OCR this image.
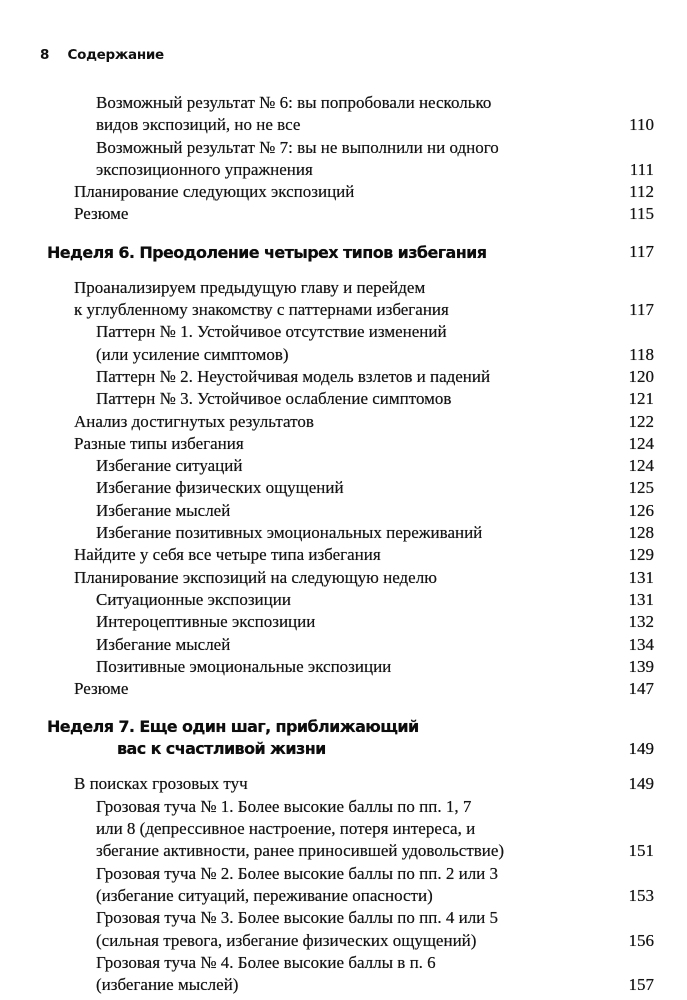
8 Содержание
Возможный результат № 6: вы попробовали несколько
видов экспозиций, но не все	110
Возможный результат № 7: вы не выполнили ни одного
экспозиционного упражнения	111
Планирование следующих экспозиций	112
Резюме	115
Неделя 6. Преодоление четырех типов избегания	117
Проанализируем предыдущую главу и перейдем
к углубленному знакомству с паттернами избегания	117
Паттерн № 1. Устойчивое отсутствие изменений
(или усиление симптомов)	118
Паттерн № 2. Неустойчивая модель взлетов и падений	120
Паттерн № 3. Устойчивое ослабление симптомов	121
Анализ достигнутых результатов	122
Разные типы избегания	124
Избегание ситуаций	124
Избегание физических ощущений	125
Избегание мыслей	126
Избегание позитивных эмоциональных переживаний	128
Найдите у себя все четыре типа избегания	129
Планирование экспозиций на следующую неделю	131
Ситуационные экспозиции	131
Интероцептивные экспозиции	132
Избегание мыслей	134
Позитивные эмоциональные экспозиции	139
Резюме	147
Неделя 7. Еще один шаг, приближающий
вас к счастливой жизни	149
В поисках грозовых туч	149
Грозовая туча № 1. Более высокие баллы по пп. 1, 7
или 8 (депрессивное настроение, потеря интереса, и
збегание активности, ранее приносившей удовольствие)	151
Грозовая туча № 2. Более высокие баллы по пп. 2 или 3
(избегание ситуаций, переживание опасности)	153
Грозовая туча № 3. Более высокие баллы по пп. 4 или 5
(сильная тревога, избегание физических ощущений)	156
Грозовая туча № 4. Более высокие баллы в п. 6
(избегание мыслей)	157
